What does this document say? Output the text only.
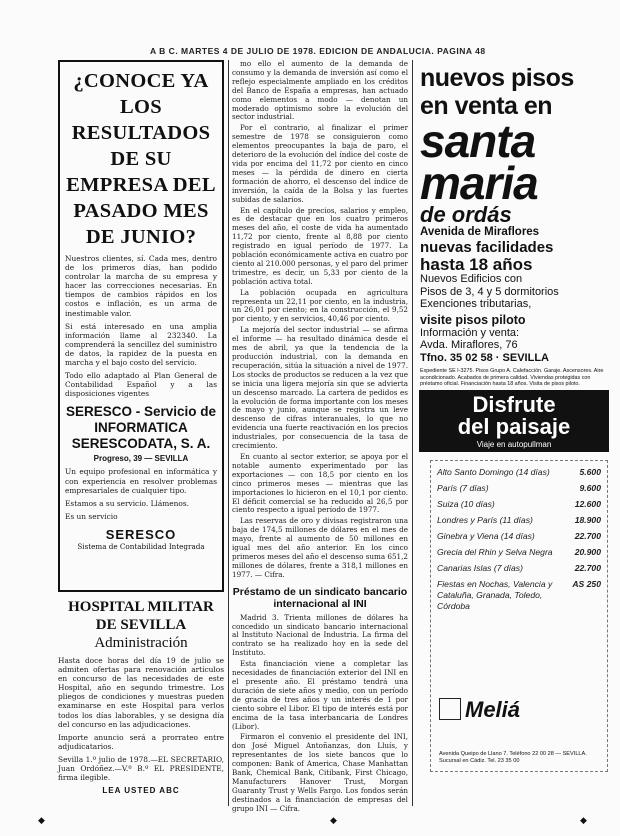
A B C. MARTES 4 DE JULIO DE 1978. EDICION DE ANDALUCIA. PAGINA 48
¿CONOCE YA LOS RESULTADOS DE SU EMPRESA DEL PASADO MES DE JUNIO?
Nuestros clientes, sí. Cada mes, dentro de los primeros días, han podido controlar la marcha de su empresa y hacer las correcciones necesarias. En tiempos de cambios rápidos en los costos e inflación, es un arma de inestimable valor.
Si está interesado en una amplia información llame al 232340. La comprenderá la sencillez del suministro de datos, la rapidez de la puesta en marcha y el bajo costo del servicio.
Todo ello adaptado al Plan General de Contabilidad Español y a las disposiciones vigentes
SERESCO - Servicio de INFORMATICA SERESCODATA, S. A.
Progreso, 39 — SEVILLA
Un equipo profesional en informática y con experiencia en resolver problemas empresariales de cualquier tipo.
Estamos a su servicio. Llámenos.
Es un servicio
SERESCO
Sistema de Contabilidad Integrada
HOSPITAL MILITAR DE SEVILLA
Administración
Hasta doce horas del día 19 de julio se admiten ofertas para renovación artículos en concurso de las necesidades de este Hospital, año en segundo trimestre. Los pliegos de condiciones y muestras pueden examinarse en este Hospital para verlos todos los días laborables, y se designa día del concurso en las adjudicaciones.
Importe anuncio será a prorrateo entre adjudicatarios.
Sevilla 1.º julio de 1978.—EL SECRETARIO, Juan Ordóñez.—V.º B.º EL PRESIDENTE, firma ilegible.
LEA USTED ABC
mo ello el aumento de la demanda de consumo y la demanda de inversión así como el reflejo especialmente ampliado en los créditos del Banco de España a empresas, han actuado como elementos a modo — denotan un moderado optimismo sobre la evolución del sector industrial.
Por el contrario, al finalizar el primer semestre de 1978 se consiguieron como elementos preocupantes la baja de paro, el deterioro de la evolución del índice del coste de vida por encima del 11,72 por ciento en cinco meses — la pérdida de dinero en cierta formación de ahorro, el descenso del índice de inversión, la caída de la Bolsa y las fuertes subidas de salarios.
En el capítulo de precios, salarios y empleo, es de destacar que en los cuatro primeros meses del año, el coste de vida ha aumentado 11,72 por ciento, frente al 8,88 por ciento registrado en igual período de 1977. La población económicamente activa en cuatro por ciento al 210.000 personas, y el paro del primer trimestre, es decir, un 5,33 por ciento de la población activa total.
La población ocupada en agricultura representa un 22,11 por ciento, en la industria, un 26,01 por ciento; en la construcción, el 9,52 por ciento, y en servicios, 40,46 por ciento.
La mejoría del sector industrial — se afirma el informe — ha resultado dinámica desde el mes de abril, ya que la tendencia de la producción industrial, con la demanda en recuperación, sitúa la situación a nivel de 1977. Los stocks de productos se reducen a la vez que se inicia una ligera mejoría sin que se advierta un descenso marcado. La cartera de pedidos es la evolución de forma importante con los meses de mayo y junio, aunque se registra un leve descenso de cifras interanuales, lo que no evidencia una fuerte reactivación en los precios industriales, por consecuencia de la tasa de crecimiento.
En cuanto al sector exterior, se apoya por el notable aumento experimentado por las exportaciones — con 18,5 por ciento en los cinco primeros meses — mientras que las importaciones lo hicieron en el 10,1 por ciento. El déficit comercial se ha reducido al 26,5 por ciento respecto a igual período de 1977.
Las reservas de oro y divisas registraron una baja de 174,5 millones de dólares en el mes de mayo, frente al aumento de 50 millones en igual mes del año anterior. En los cinco primeros meses del año el descenso suma 651,2 millones de dólares, frente a 318,1 millones en 1977. — Cifra.
Préstamo de un sindicato bancario internacional al INI
Madrid 3. Trienta millones de dólares ha concedido un sindicato bancario internacional al Instituto Nacional de Industria. La firma del contrato se ha realizado hoy en la sede del Instituto.
Esta financiación viene a completar las necesidades de financiación exterior del INI en el presente año. El préstamo tendrá una duración de siete años y medio, con un período de gracia de tres años y un interés de 1 por ciento sobre el Libor. El tipo de interés está por encima de la tasa interbancaria de Londres (Libor).
Firmaron el convenio el presidente del INI, don José Miguel Antoñanzas, don Lluís, y representantes de los siete bancos que lo componen: Bank of America, Chase Manhattan Bank, Chemical Bank, Citibank, First Chicago, Manufacturers Hanover Trust, Morgan Guaranty Trust y Wells Fargo. Los fondos serán destinados a la financiación de empresas del grupo INI — Cifra.
nuevos pisos
en venta en
santa
maria
de ordás
Avenida de Miraflores
nuevas facilidades
hasta 18 años
Nuevos Edificios con
Pisos de 3, 4 y 5 dormitorios
Exenciones tributarias,
visite pisos piloto
Información y venta:
Avda. Miraflores, 76
Tfno. 35 02 58 · SEVILLA
Expediente SE I-3275. Pisos Grupo A. Calefacción. Garaje. Ascensores. Aire acondicionado. Acabados de primera calidad. Viviendas protegidas con préstamo oficial. Financiación hasta 18 años. Visita de pisos piloto.
Disfrute
del paisaje
Viaje en autopullman
Alto Santo Domingo (14 días)	5.600
París (7 días)	9.600
Suiza (10 días)	12.600
Londres y París (11 días)	18.900
Ginebra y Viena (14 días)	22.700
Grecia del Rhin y Selva Negra	20.900
Canarias Islas (7 días)	22.700
Fiestas en Nochas, Valencia y Cataluña, Granada, Toledo, Córdoba
AS 250
Meliá
Avenida Queipo de Llano 7. Teléfono 22 00 28 — SEVILLA. Sucursal en Cádiz. Tel. 23 35 00
◆	◆	◆
